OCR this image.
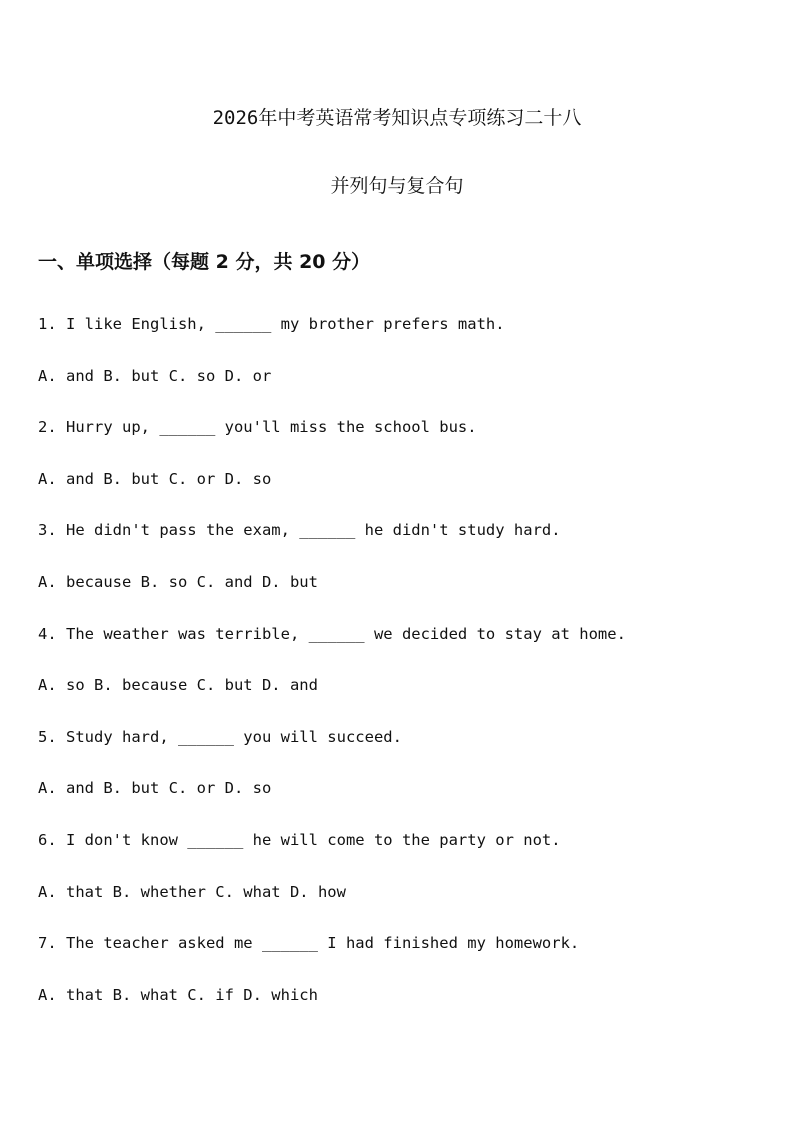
2026年中考英语常考知识点专项练习二十八
并列句与复合句
一、单项选择（每题 2 分，共 20 分）

1. I like English, ______ my brother prefers math.

A. and B. but C. so D. or

2. Hurry up, ______ you'll miss the school bus.

A. and B. but C. or D. so

3. He didn't pass the exam, ______ he didn't study hard.

A. because B. so C. and D. but

4. The weather was terrible, ______ we decided to stay at home.

A. so B. because C. but D. and

5. Study hard, ______ you will succeed.

A. and B. but C. or D. so

6. I don't know ______ he will come to the party or not.

A. that B. whether C. what D. how

7. The teacher asked me ______ I had finished my homework.

A. that B. what C. if D. which
